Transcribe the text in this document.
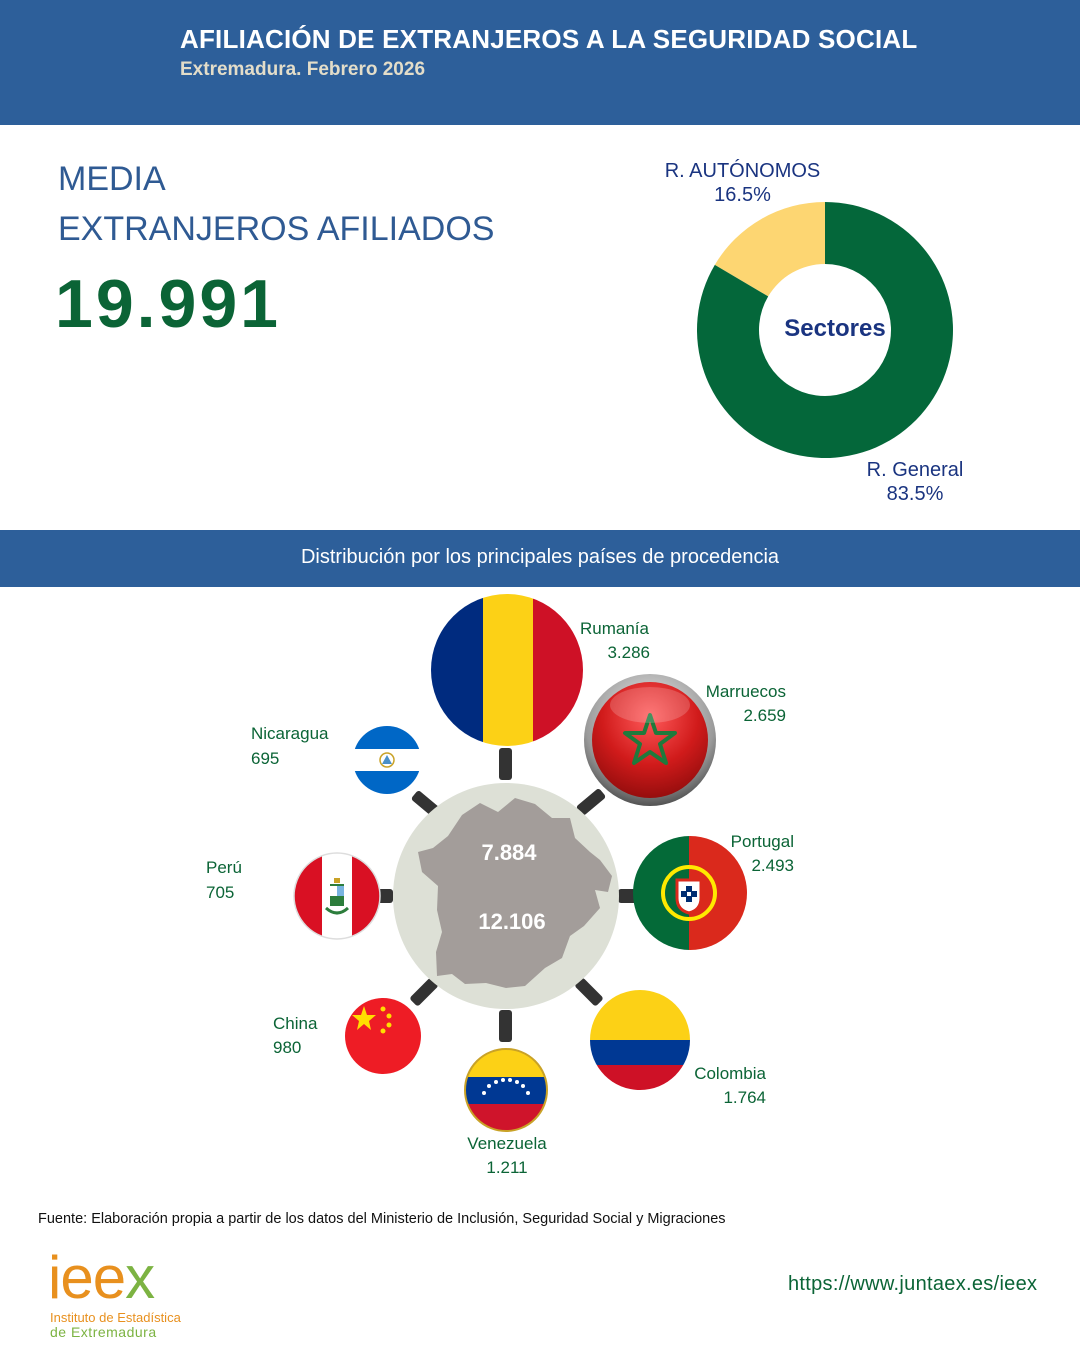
AFILIACIÓN DE EXTRANJEROS A LA SEGURIDAD SOCIAL
Extremadura. Febrero 2026
MEDIA
EXTRANJEROS AFILIADOS
19.991	Sectores
R. AUTÓNOMOS
16.5%
R. General
83.5%
Distribución por los principales países de procedencia
7.884
12.106
Rumanía
3.286
Marruecos
2.659
Portugal
2.493
Colombia
1.764
Venezuela
1.211
China
980
Perú
705
Nicaragua
695
Fuente: Elaboración propia a partir de los datos del Ministerio de Inclusión, Seguridad Social y Migraciones
ieex
Instituto de Estadística
de Extremadura
https://www.juntaex.es/ieex
